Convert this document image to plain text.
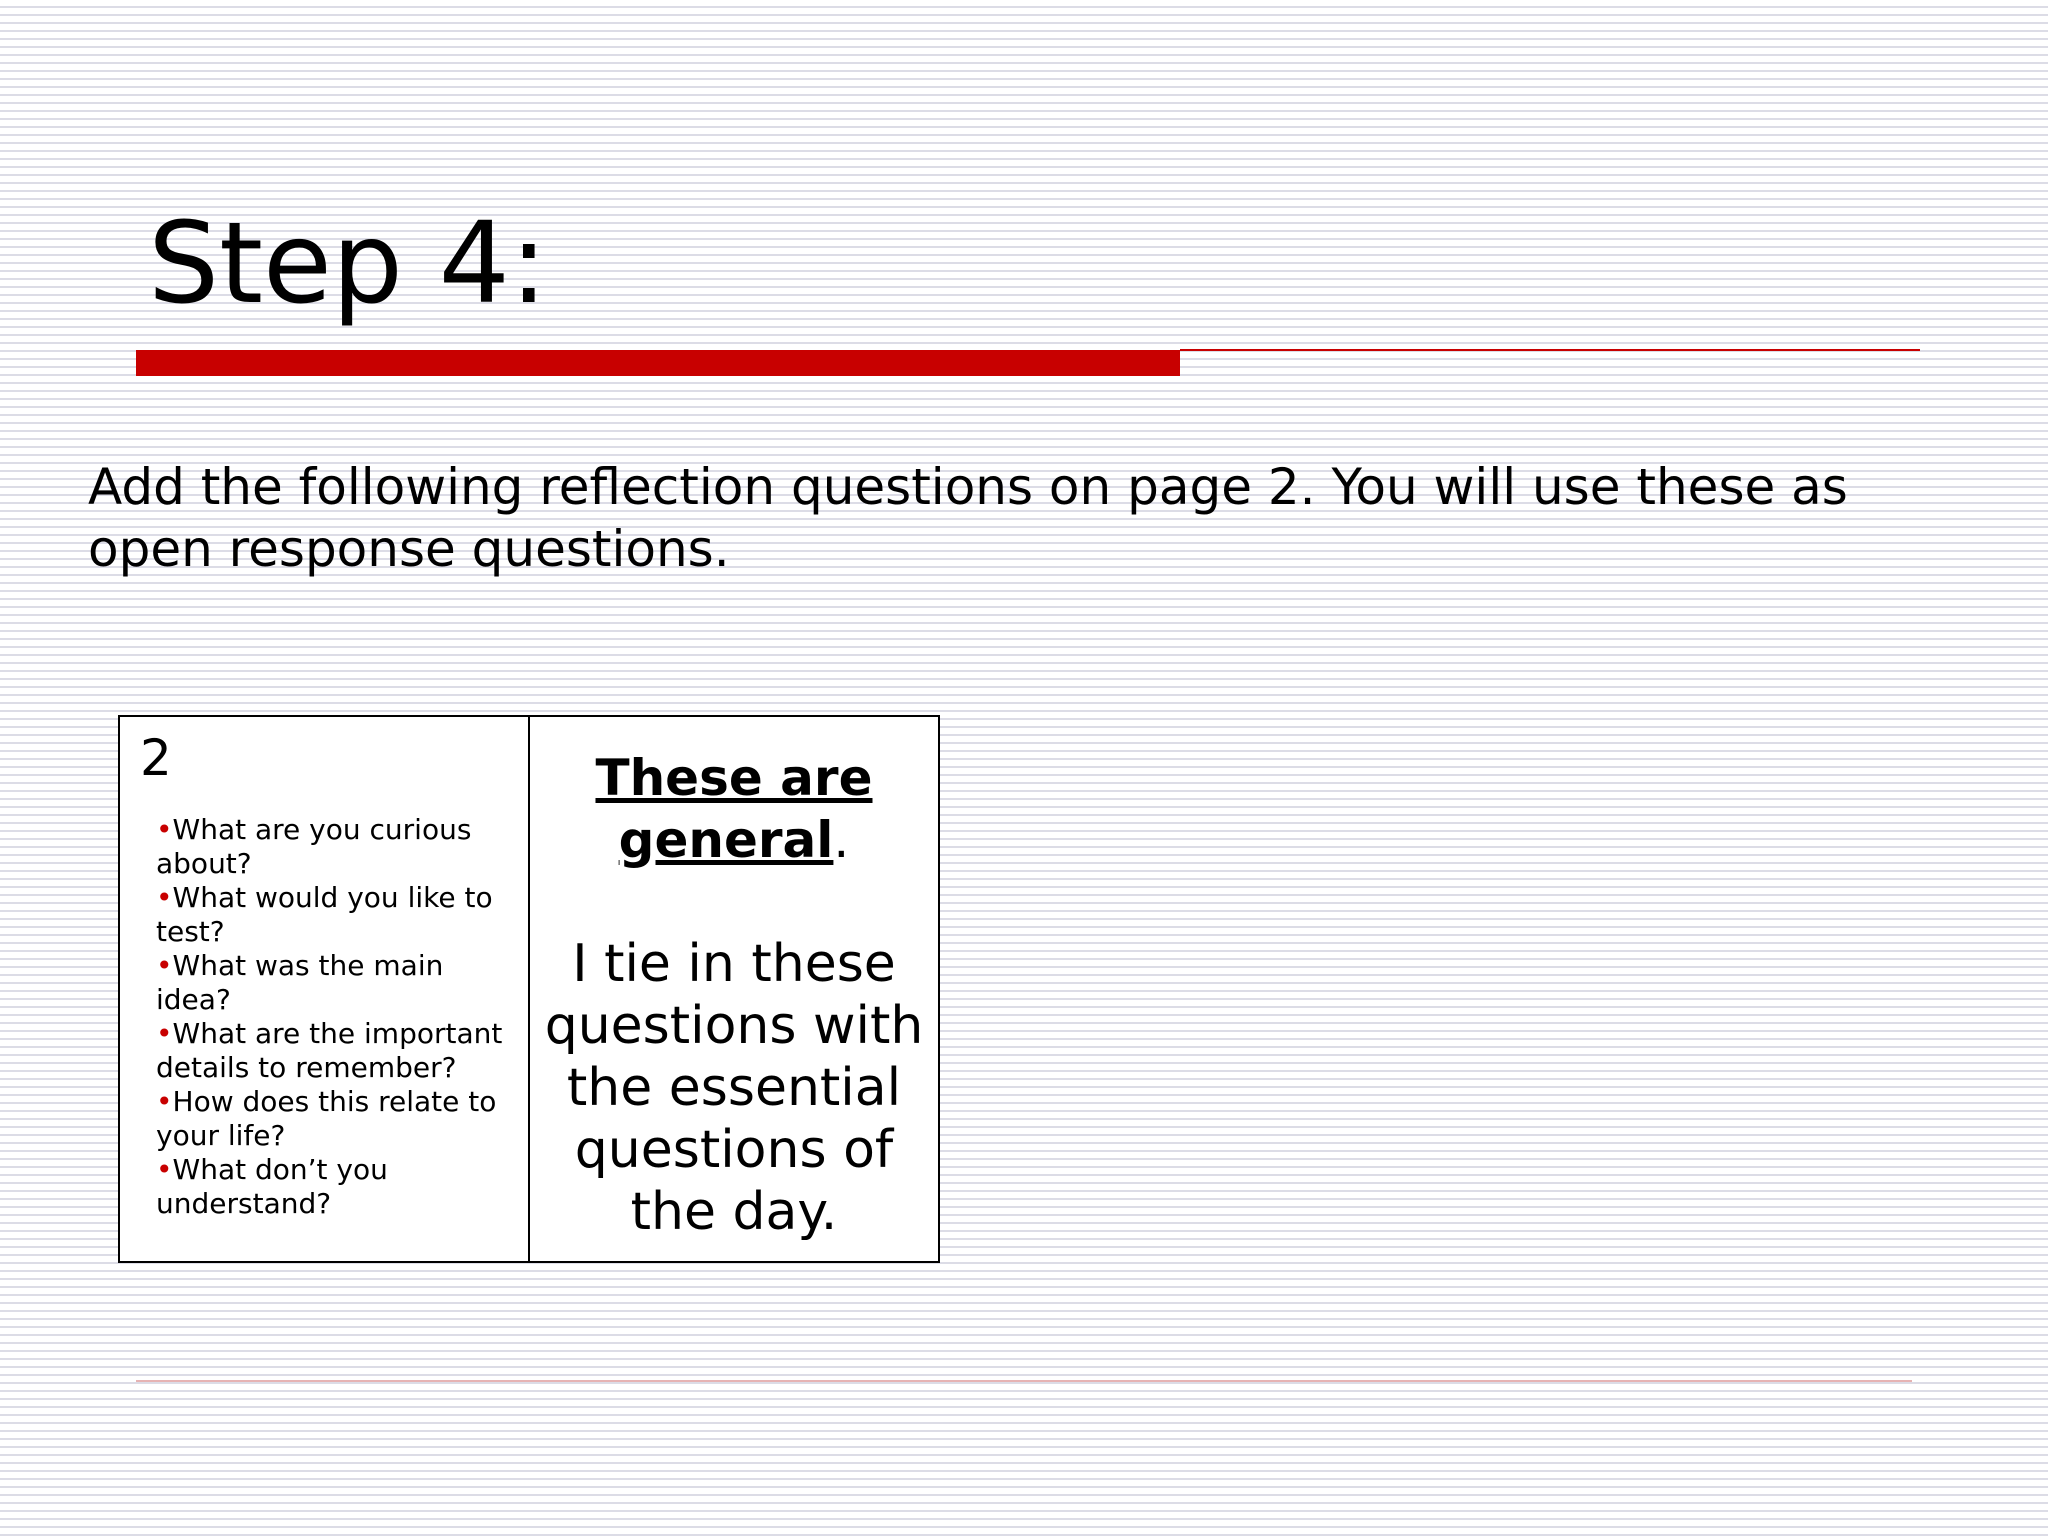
Step 4:

Add the following reflection questions on page 2. You will use these as open response questions.

2
•What are you curious about?
•What would you like to test?
•What was the main idea?
•What are the important details to remember?
•How does this relate to your life?
•What don’t you understand?
These are
general.
I tie in these questions with the essential questions of the day.
